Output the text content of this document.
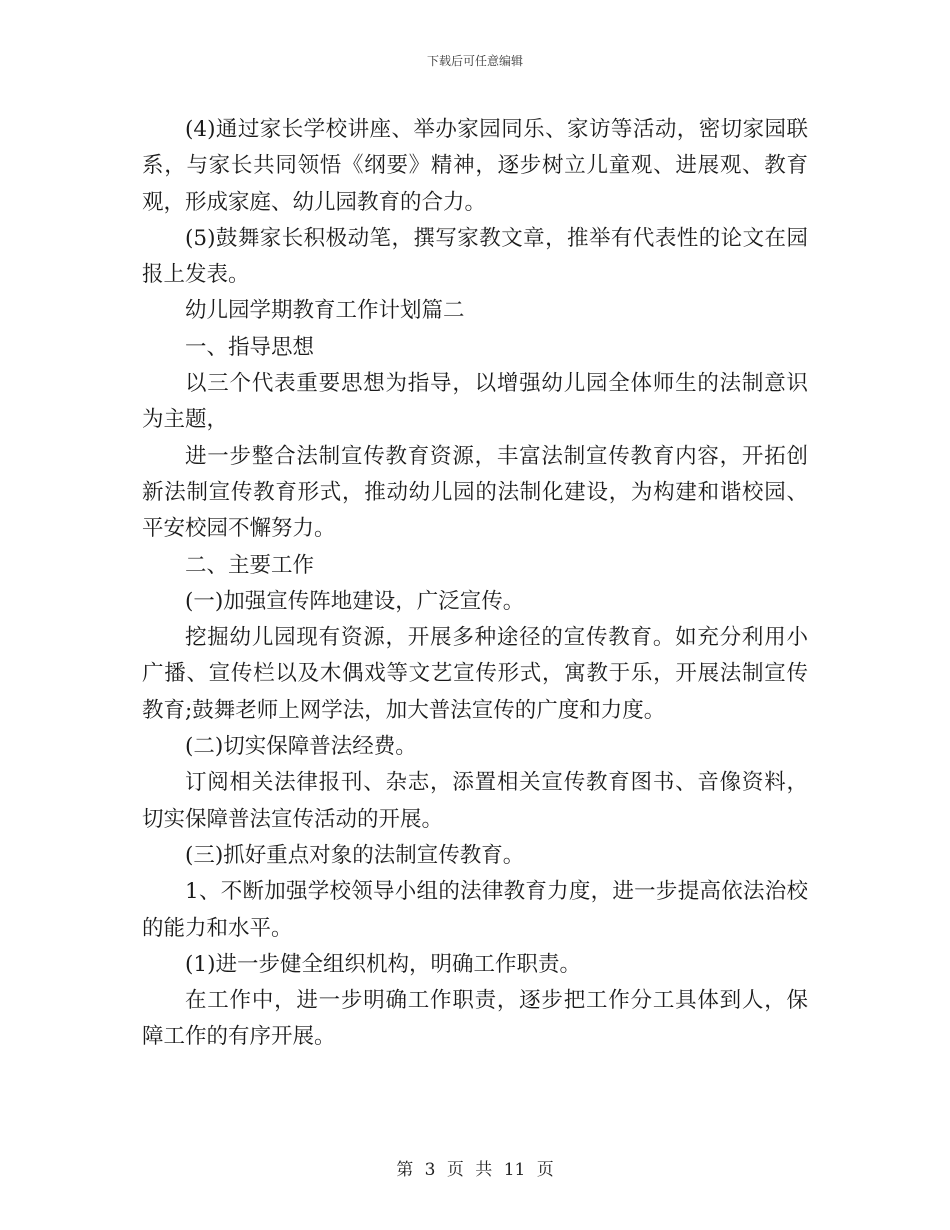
下载后可任意编辑

(4)通过家长学校讲座、举办家园同乐、家访等活动，密切家园联系，与家长共同领悟《纲要》精神，逐步树立儿童观、进展观、教育观，形成家庭、幼儿园教育的合力。

(5)鼓舞家长积极动笔，撰写家教文章，推举有代表性的论文在园报上发表。

幼儿园学期教育工作计划篇二

一、指导思想

以三个代表重要思想为指导，以增强幼儿园全体师生的法制意识为主题，

进一步整合法制宣传教育资源，丰富法制宣传教育内容，开拓创新法制宣传教育形式，推动幼儿园的法制化建设，为构建和谐校园、平安校园不懈努力。

二、主要工作

(一)加强宣传阵地建设，广泛宣传。

挖掘幼儿园现有资源，开展多种途径的宣传教育。如充分利用小广播、宣传栏以及木偶戏等文艺宣传形式，寓教于乐，开展法制宣传教育;鼓舞老师上网学法，加大普法宣传的广度和力度。

(二)切实保障普法经费。

订阅相关法律报刊、杂志，添置相关宣传教育图书、音像资料，切实保障普法宣传活动的开展。

(三)抓好重点对象的法制宣传教育。

1、不断加强学校领导小组的法律教育力度，进一步提高依法治校的能力和水平。

(1)进一步健全组织机构，明确工作职责。

在工作中，进一步明确工作职责，逐步把工作分工具体到人，保障工作的有序开展。

第 3 页 共 11 页
